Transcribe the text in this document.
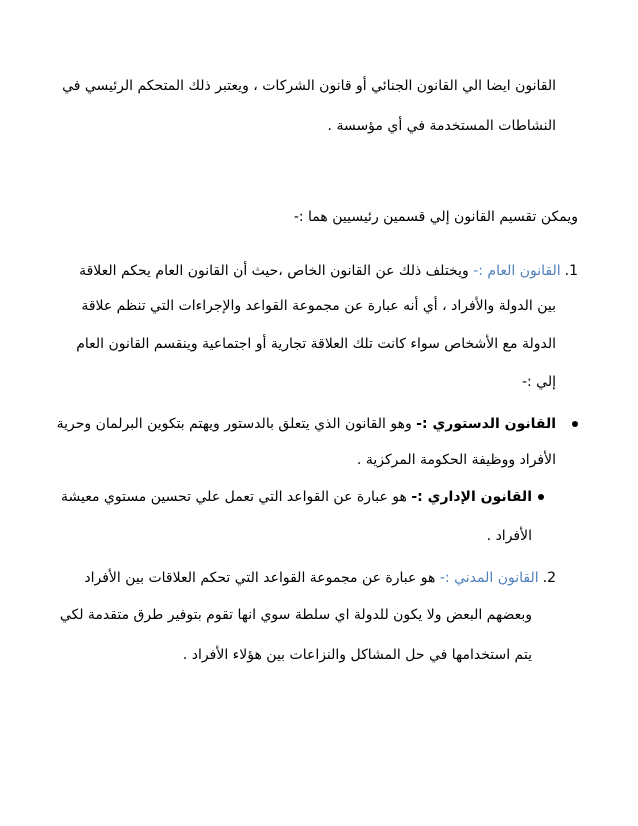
القانون ايضا الي القانون الجنائي أو قانون الشركات ، ويعتبر ذلك المتحكم الرئيسي في
النشاطات المستخدمة في أي مؤسسة .
ويمكن تقسيم القانون إلي قسمين رئيسيين هما :-
1.القانون العام :- ويختلف ذلك عن القانون الخاص ،حيث أن القانون العام يحكم العلاقة
بين الدولة والأفراد ، أي أنه عبارة عن مجموعة القواعد والإجراءات التي تنظم علاقة
الدولة مع الأشخاص سواء كانت تلك العلاقة تجارية أو اجتماعية وينقسم القانون العام
إلي :-
القانون الدستوري :- وهو القانون الذي يتعلق بالدستور ويهتم بتكوين البرلمان وحرية
الأفراد ووظيفة الحكومة المركزية .
القانون الإداري :- هو عبارة عن القواعد التي تعمل علي تحسين مستوي معيشة
الأفراد .
2.القانون المدني :- هو عبارة عن مجموعة القواعد التي تحكم العلاقات بين الأفراد
وبعضهم البعض ولا يكون للدولة اي سلطة سوي انها تقوم بتوفير طرق متقدمة لكي
يتم استخدامها في حل المشاكل والنزاعات بين هؤلاء الأفراد .
